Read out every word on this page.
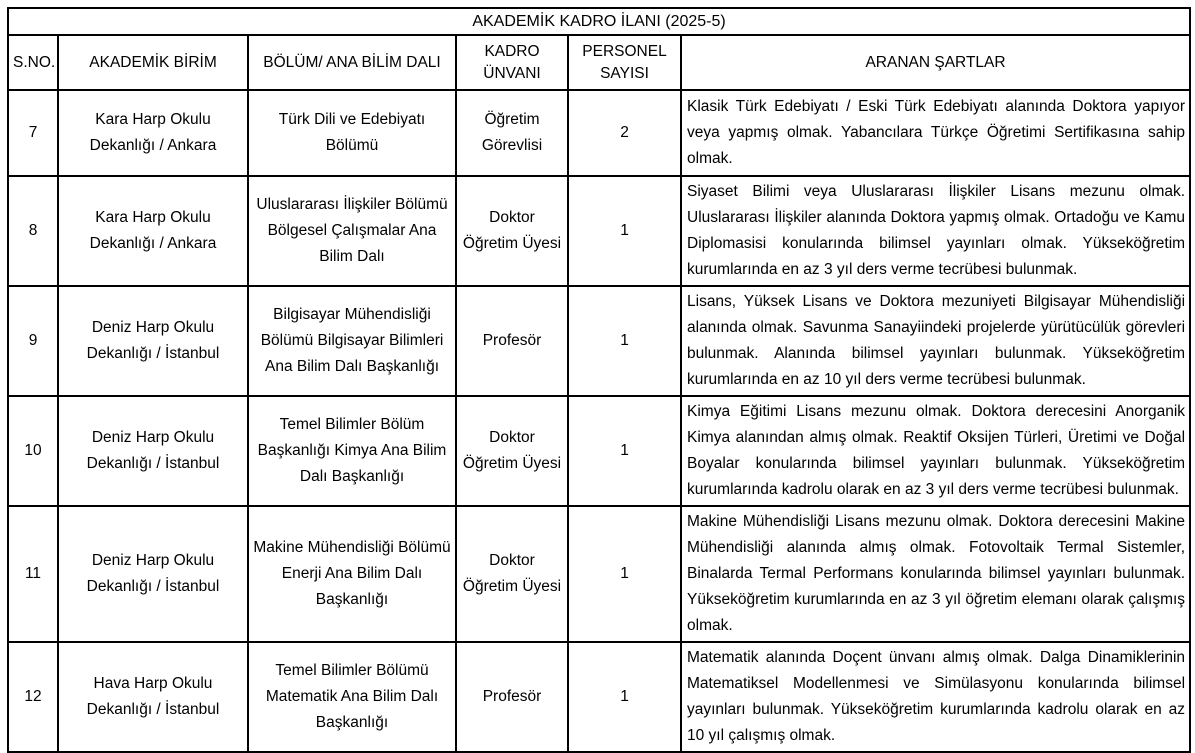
AKADEMİK KADRO İLANI (2025-5)					
S.NO.	AKADEMİK BİRİM	BÖLÜM/ ANA BİLİM DALI	KADRO ÜNVANI	PERSONEL SAYISI	ARANAN ŞARTLAR
7	Kara Harp Okulu Dekanlığı / Ankara	Türk Dili ve Edebiyatı Bölümü	Öğretim Görevlisi	2	Klasik Türk Edebiyatı / Eski Türk Edebiyatı alanında Doktora yapıyor veya yapmış olmak. Yabancılara Türkçe Öğretimi Sertifikasına sahip olmak.
8	Kara Harp Okulu Dekanlığı / Ankara	Uluslararası İlişkiler Bölümü Bölgesel Çalışmalar Ana Bilim Dalı	Doktor Öğretim Üyesi	1	Siyaset Bilimi veya Uluslararası İlişkiler Lisans mezunu olmak. Uluslararası İlişkiler alanında Doktora yapmış olmak. Ortadoğu ve Kamu Diplomasisi konularında bilimsel yayınları olmak. Yükseköğretim kurumlarında en az 3 yıl ders verme tecrübesi bulunmak.
9	Deniz Harp Okulu Dekanlığı / İstanbul	Bilgisayar Mühendisliği Bölümü Bilgisayar Bilimleri Ana Bilim Dalı Başkanlığı	Profesör	1	Lisans, Yüksek Lisans ve Doktora mezuniyeti Bilgisayar Mühendisliği alanında olmak. Savunma Sanayiindeki projelerde yürütücülük görevleri bulunmak. Alanında bilimsel yayınları bulunmak. Yükseköğretim kurumlarında en az 10 yıl ders verme tecrübesi bulunmak.
10	Deniz Harp Okulu Dekanlığı / İstanbul	Temel Bilimler Bölüm Başkanlığı Kimya Ana Bilim Dalı Başkanlığı	Doktor Öğretim Üyesi	1	Kimya Eğitimi Lisans mezunu olmak. Doktora derecesini Anorganik Kimya alanından almış olmak. Reaktif Oksijen Türleri, Üretimi ve Doğal Boyalar konularında bilimsel yayınları bulunmak. Yükseköğretim kurumlarında kadrolu olarak en az 3 yıl ders verme tecrübesi bulunmak.
11	Deniz Harp Okulu Dekanlığı / İstanbul	Makine Mühendisliği Bölümü Enerji Ana Bilim Dalı Başkanlığı	Doktor Öğretim Üyesi	1	Makine Mühendisliği Lisans mezunu olmak. Doktora derecesini Makine Mühendisliği alanında almış olmak. Fotovoltaik Termal Sistemler, Binalarda Termal Performans konularında bilimsel yayınları bulunmak. Yükseköğretim kurumlarında en az 3 yıl öğretim elemanı olarak çalışmış olmak.
12	Hava Harp Okulu Dekanlığı / İstanbul	Temel Bilimler Bölümü Matematik Ana Bilim Dalı Başkanlığı	Profesör	1	Matematik alanında Doçent ünvanı almış olmak. Dalga Dinamiklerinin Matematiksel Modellenmesi ve Simülasyonu konularında bilimsel yayınları bulunmak. Yükseköğretim kurumlarında kadrolu olarak en az 10 yıl çalışmış olmak.
